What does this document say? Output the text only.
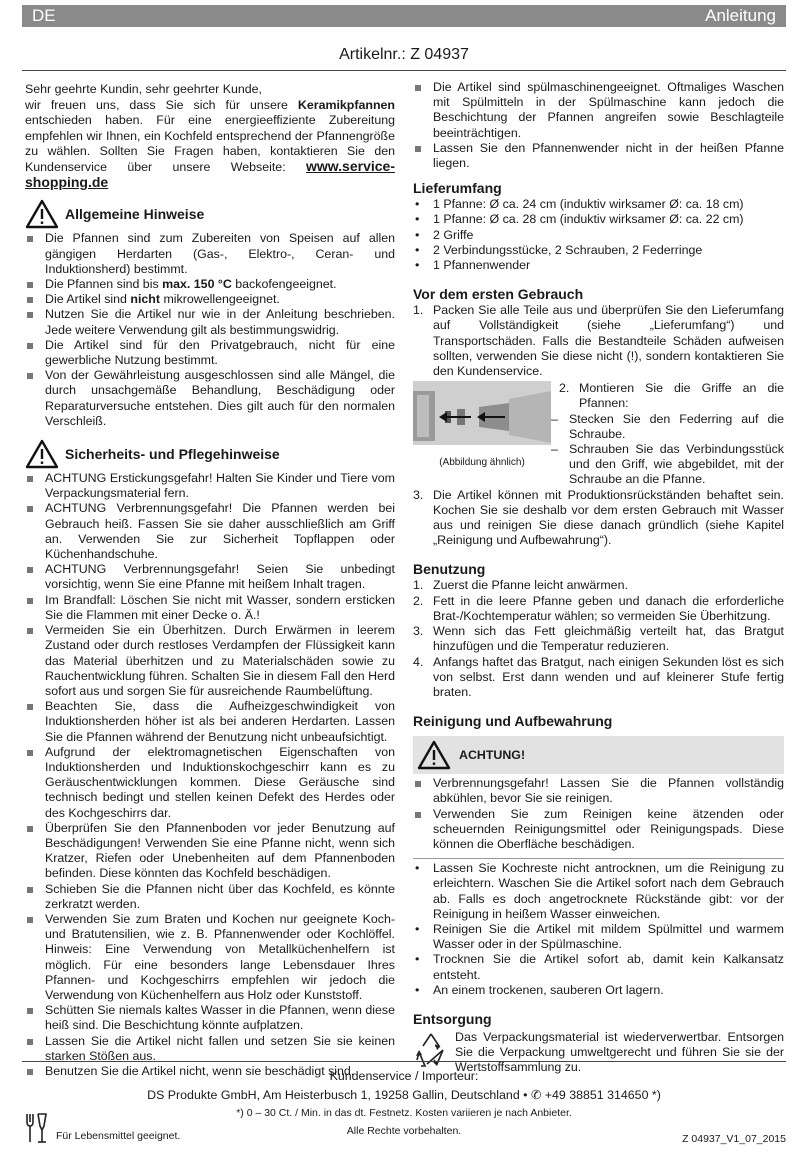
DE	Anleitung
Artikelnr.: Z 04937

Sehr geehrte Kundin, sehr geehrter Kunde,

wir freuen uns, dass Sie sich für unsere Keramikpfannen entschieden haben. Für eine energieeffiziente Zubereitung empfehlen wir Ihnen, ein Kochfeld entsprechend der Pfannengröße zu wählen. Sollten Sie Fragen haben, kontaktieren Sie den Kundenservice über unsere Webseite: www.service-shopping.de

Allgemeine Hinweise
Die Pfannen sind zum Zubereiten von Speisen auf allen gängigen Herdarten (Gas-, Elektro-, Ceran- und Induktionsherd) bestimmt.
Die Pfannen sind bis max. 150 °C backofengeeignet.
Die Artikel sind nicht mikrowellengeeignet.
Nutzen Sie die Artikel nur wie in der Anleitung beschrieben. Jede weitere Verwendung gilt als bestimmungswidrig.
Die Artikel sind für den Privatgebrauch, nicht für eine gewerbliche Nutzung bestimmt.
Von der Gewährleistung ausgeschlossen sind alle Mängel, die durch unsachgemäße Behandlung, Beschädigung oder Reparaturversuche entstehen. Dies gilt auch für den normalen Verschleiß.
Sicherheits- und Pflegehinweise
ACHTUNG Erstickungsgefahr! Halten Sie Kinder und Tiere vom Verpackungsmaterial fern.
ACHTUNG Verbrennungsgefahr! Die Pfannen werden bei Gebrauch heiß. Fassen Sie sie daher ausschließlich am Griff an. Verwenden Sie zur Sicherheit Topflappen oder Küchenhandschuhe.
ACHTUNG Verbrennungsgefahr! Seien Sie unbedingt vorsichtig, wenn Sie eine Pfanne mit heißem Inhalt tragen.
Im Brandfall: Löschen Sie nicht mit Wasser, sondern ersticken Sie die Flammen mit einer Decke o. Ä.!
Vermeiden Sie ein Überhitzen. Durch Erwärmen in leerem Zustand oder durch restloses Verdampfen der Flüssigkeit kann das Material überhitzen und zu Materialschäden sowie zu Rauchentwicklung führen. Schalten Sie in diesem Fall den Herd sofort aus und sorgen Sie für ausreichende Raumbelüftung.
Beachten Sie, dass die Aufheizgeschwindigkeit von Induktionsherden höher ist als bei anderen Herdarten. Lassen Sie die Pfannen während der Benutzung nicht unbeaufsichtigt.
Aufgrund der elektromagnetischen Eigenschaften von Induktionsherden und Induktionskochgeschirr kann es zu Geräuschentwicklungen kommen. Diese Geräusche sind technisch bedingt und stellen keinen Defekt des Herdes oder des Kochgeschirrs dar.
Überprüfen Sie den Pfannenboden vor jeder Benutzung auf Beschädigungen! Verwenden Sie eine Pfanne nicht, wenn sich Kratzer, Riefen oder Unebenheiten auf dem Pfannenboden befinden. Diese könnten das Kochfeld beschädigen.
Schieben Sie die Pfannen nicht über das Kochfeld, es könnte zerkratzt werden.
Verwenden Sie zum Braten und Kochen nur geeignete Koch- und Bratutensilien, wie z. B. Pfannenwender oder Kochlöffel. Hinweis: Eine Verwendung von Metallküchenhelfern ist möglich. Für eine besonders lange Lebensdauer Ihres Pfannen- und Kochgeschirrs empfehlen wir jedoch die Verwendung von Küchenhelfern aus Holz oder Kunststoff.
Schütten Sie niemals kaltes Wasser in die Pfannen, wenn diese heiß sind. Die Beschichtung könnte aufplatzen.
Lassen Sie die Artikel nicht fallen und setzen Sie sie keinen starken Stößen aus.
Benutzen Sie die Artikel nicht, wenn sie beschädigt sind.
Die Artikel sind spülmaschinengeeignet. Oftmaliges Waschen mit Spülmitteln in der Spülmaschine kann jedoch die Beschichtung der Pfannen angreifen sowie Beschlagteile beeinträchtigen.
Lassen Sie den Pfannenwender nicht in der heißen Pfanne liegen.
Lieferumfang
• 1 Pfanne: Ø ca. 24 cm (induktiv wirksamer Ø: ca. 18 cm)
• 1 Pfanne: Ø ca. 28 cm (induktiv wirksamer Ø: ca. 22 cm)
• 2 Griffe
• 2 Verbindungsstücke, 2 Schrauben, 2 Federringe
• 1 Pfannenwender
Vor dem ersten Gebrauch
1. Packen Sie alle Teile aus und überprüfen Sie den Lieferumfang auf Vollständigkeit (siehe „Lieferumfang“) und Transportschäden. Falls die Bestandteile Schäden aufweisen sollten, verwenden Sie diese nicht (!), sondern kontaktieren Sie den Kundenservice.
(Abbildung ähnlich)
2. Montieren Sie die Griffe an die Pfannen:
– Stecken Sie den Federring auf die Schraube.
– Schrauben Sie das Verbindungsstück und den Griff, wie abgebildet, mit der Schraube an die Pfanne.
3. Die Artikel können mit Produktionsrückständen behaftet sein. Kochen Sie sie deshalb vor dem ersten Gebrauch mit Wasser aus und reinigen Sie diese danach gründlich (siehe Kapitel „Reinigung und Aufbewahrung“).
Benutzung
1. Zuerst die Pfanne leicht anwärmen.
2. Fett in die leere Pfanne geben und danach die erforderliche Brat-/Kochtemperatur wählen; so vermeiden Sie Überhitzung.
3. Wenn sich das Fett gleichmäßig verteilt hat, das Bratgut hinzufügen und die Temperatur reduzieren.
4. Anfangs haftet das Bratgut, nach einigen Sekunden löst es sich von selbst. Erst dann wenden und auf kleinerer Stufe fertig braten.
Reinigung und Aufbewahrung
ACHTUNG!
Verbrennungsgefahr! Lassen Sie die Pfannen vollständig abkühlen, bevor Sie sie reinigen.
Verwenden Sie zum Reinigen keine ätzenden oder scheuernden Reinigungsmittel oder Reinigungspads. Diese können die Oberfläche beschädigen.
• Lassen Sie Kochreste nicht antrocknen, um die Reinigung zu erleichtern. Waschen Sie die Artikel sofort nach dem Gebrauch ab. Falls es doch angetrocknete Rückstände gibt: vor der Reinigung in heißem Wasser einweichen.
• Reinigen Sie die Artikel mit mildem Spülmittel und warmem Wasser oder in der Spülmaschine.
• Trocknen Sie die Artikel sofort ab, damit kein Kalkansatz entsteht.
• An einem trockenen, sauberen Ort lagern.
Entsorgung

Das Verpackungsmaterial ist wiederverwertbar. Entsorgen Sie die Verpackung umweltgerecht und führen Sie sie der Wertstoffsammlung zu.

Kundenservice / Importeur:
DS Produkte GmbH, Am Heisterbusch 1, 19258 Gallin, Deutschland • ✆ +49 38851 314650 *)
*) 0 – 30 Ct. / Min. in das dt. Festnetz. Kosten variieren je nach Anbieter.
Alle Rechte vorbehalten.
Für Lebensmittel geeignet.	Z 04937_V1_07_2015
